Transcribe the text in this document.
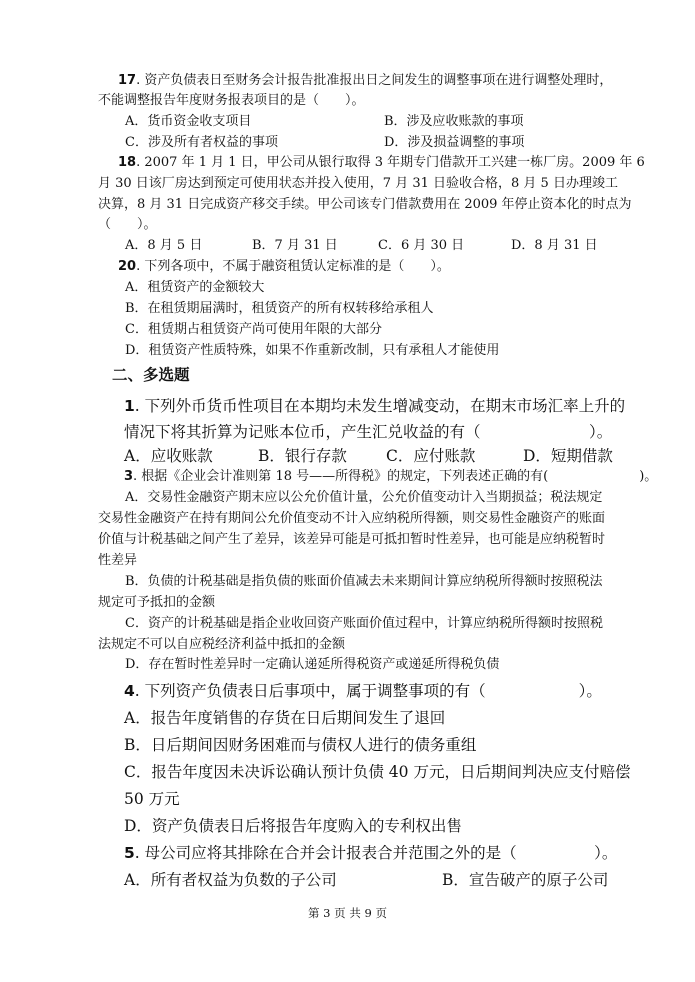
17. 资产负债表日至财务会计报告批准报出日之间发生的调整事项在进行调整处理时，
不能调整报告年度财务报表项目的是（　　）。
A．货币资金收支项目	B．涉及应收账款的事项
C．涉及所有者权益的事项	D．涉及损益调整的事项
18. 2007 年 1 月 1 日，甲公司从银行取得 3 年期专门借款开工兴建一栋厂房。2009 年 6
月 30 日该厂房达到预定可使用状态并投入使用，7 月 31 日验收合格，8 月 5 日办理竣工
决算，8 月 31 日完成资产移交手续。甲公司该专门借款费用在 2009 年停止资本化的时点为
（　　）。
A．8 月 5 日	B．7 月 31 日	C．6 月 30 日	D．8 月 31 日
20. 下列各项中，不属于融资租赁认定标准的是（　　）。
A．租赁资产的金额较大
B．在租赁期届满时，租赁资产的所有权转移给承租人
C．租赁期占租赁资产尚可使用年限的大部分
D．租赁资产性质特殊，如果不作重新改制，只有承租人才能使用
二、多选题
1. 下列外币货币性项目在本期均未发生增减变动，在期末市场汇率上升的
情况下将其折算为记账本位币，产生汇兑收益的有（　　　　　　　）。
A．应收账款	B．银行存款	C．应付账款	D．短期借款
3. 根据《企业会计准则第 18 号——所得税》的规定，下列表述正确的有(　　　　　　　)。
A．交易性金融资产期末应以公允价值计量，公允价值变动计入当期损益；税法规定
交易性金融资产在持有期间公允价值变动不计入应纳税所得额，则交易性金融资产的账面
价值与计税基础之间产生了差异，该差异可能是可抵扣暂时性差异，也可能是应纳税暂时
性差异
B．负债的计税基础是指负债的账面价值减去未来期间计算应纳税所得额时按照税法
规定可予抵扣的金额
C．资产的计税基础是指企业收回资产账面价值过程中，计算应纳税所得额时按照税
法规定不可以自应税经济利益中抵扣的金额
D．存在暂时性差异时一定确认递延所得税资产或递延所得税负债
4. 下列资产负债表日后事项中，属于调整事项的有（　　　　　　）。
A．报告年度销售的存货在日后期间发生了退回
B．日后期间因财务困难而与债权人进行的债务重组
C．报告年度因未决诉讼确认预计负债 40 万元，日后期间判决应支付赔偿
50 万元
D．资产负债表日后将报告年度购入的专利权出售
5. 母公司应将其排除在合并会计报表合并范围之外的是（　　　　　）。
A．所有者权益为负数的子公司	B．宣告破产的原子公司
第 3 页 共 9 页
